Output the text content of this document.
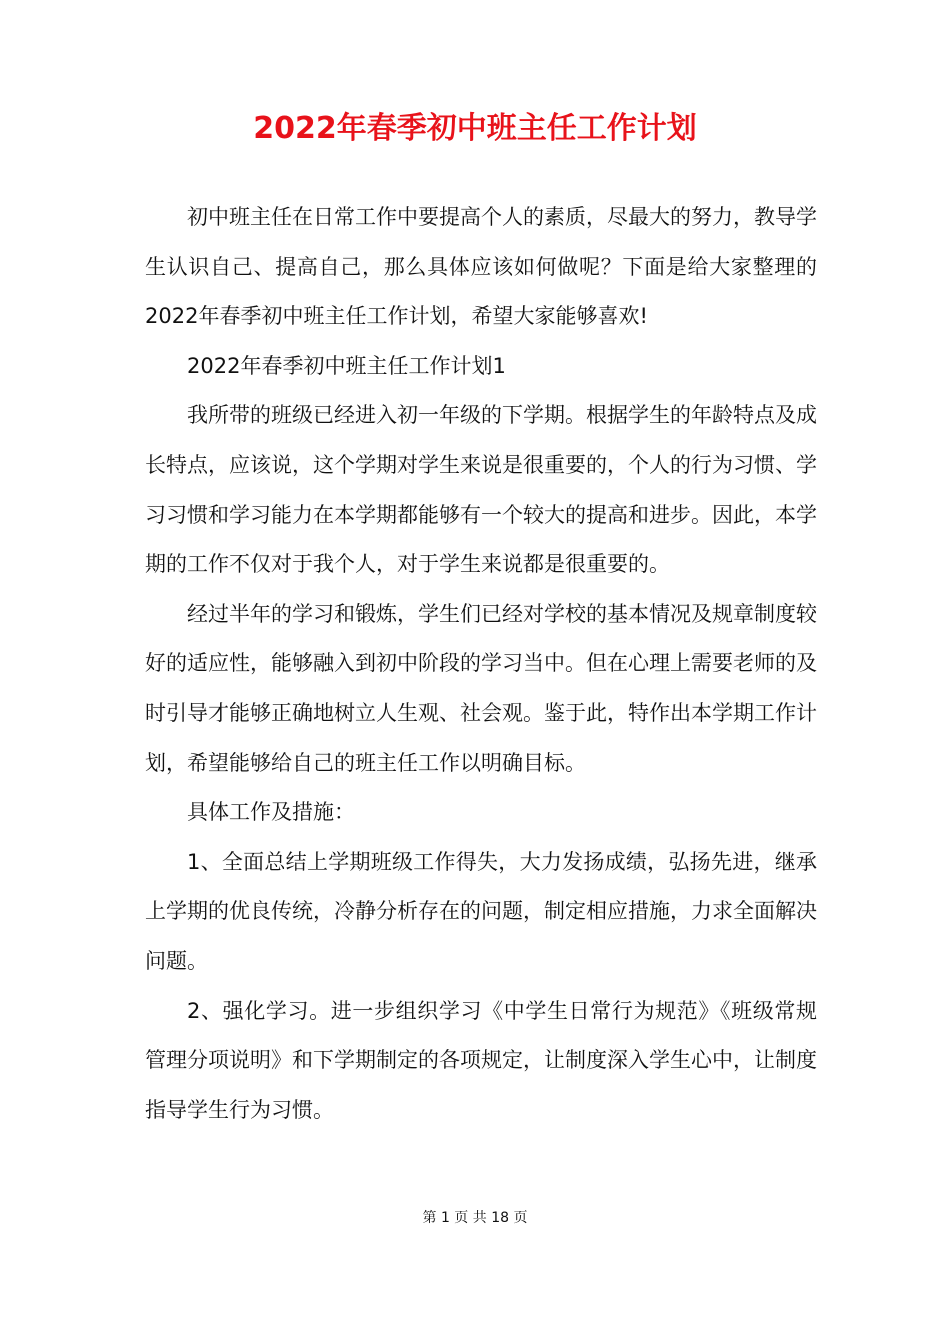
2022年春季初中班主任工作计划

初中班主任在日常工作中要提高个人的素质，尽最大的努力，教导学生认识自己、提高自己，那么具体应该如何做呢？下面是给大家整理的2022年春季初中班主任工作计划，希望大家能够喜欢!

2022年春季初中班主任工作计划1

我所带的班级已经进入初一年级的下学期。根据学生的年龄特点及成长特点，应该说，这个学期对学生来说是很重要的，个人的行为习惯、学习习惯和学习能力在本学期都能够有一个较大的提高和进步。因此，本学期的工作不仅对于我个人，对于学生来说都是很重要的。

经过半年的学习和锻炼，学生们已经对学校的基本情况及规章制度较好的适应性，能够融入到初中阶段的学习当中。但在心理上需要老师的及时引导才能够正确地树立人生观、社会观。鉴于此，特作出本学期工作计划，希望能够给自己的班主任工作以明确目标。

具体工作及措施：

1、全面总结上学期班级工作得失，大力发扬成绩，弘扬先进，继承上学期的优良传统，冷静分析存在的问题，制定相应措施，力求全面解决问题。

2、强化学习。进一步组织学习《中学生日常行为规范》《班级常规管理分项说明》和下学期制定的各项规定，让制度深入学生心中，让制度指导学生行为习惯。

第 1 页 共 18 页
